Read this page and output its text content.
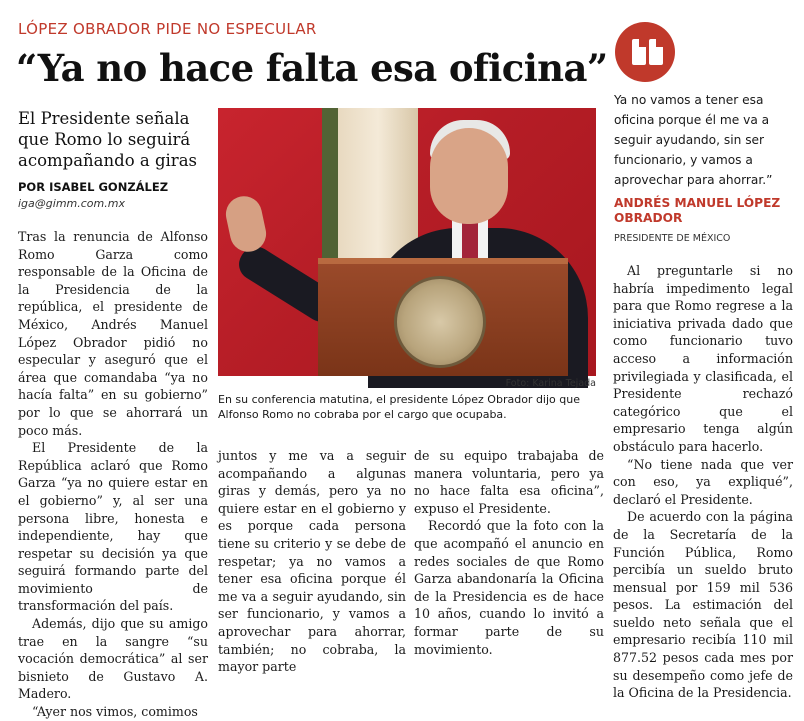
LÓPEZ OBRADOR PIDE NO ESPECULAR
“Ya no hace falta esa oficina”
El Presidente señala que Romo lo seguirá acompañando a giras
POR ISABEL GONZÁLEZ
iga@gimm.com.mx

Tras la renuncia de Alfonso Romo Garza como responsable de la Oficina de la Presidencia de la república, el presidente de México, Andrés Manuel López Obrador pidió no especular y aseguró que el área que comandaba “ya no hacía falta” en su gobierno” por lo que se ahorrará un poco más.

El Presidente de la República aclaró que Romo Garza “ya no quiere estar en el gobierno” y, al ser una persona libre, honesta e independiente, hay que respetar su decisión ya que seguirá formando parte del movimiento de transformación del país.

Además, dijo que su amigo trae en la sangre “su vocación democrática” al ser bisnieto de Gustavo A. Madero.

“Ayer nos vimos, comimos

Foto: Karina Tejada
En su conferencia matutina, el presidente López Obrador dijo que Alfonso Romo no cobraba por el cargo que ocupaba.

juntos y me va a seguir acompañando a algunas giras y demás, pero ya no quiere estar en el gobierno y es porque cada persona tiene su criterio y se debe de respetar; ya no vamos a tener esa oficina porque él me va a seguir ayudando, sin ser funcionario, y vamos a aprovechar para ahorrar, también; no cobraba, la mayor parte

de su equipo trabajaba de manera voluntaria, pero ya no hace falta esa oficina”, expuso el Presidente.

Recordó que la foto con la que acompañó el anuncio en redes sociales de que Romo Garza abandonaría la Oficina de la Presidencia es de hace 10 años, cuando lo invitó a formar parte de su movimiento.

Ya no vamos a tener esa oficina porque él me va a seguir ayudando, sin ser funcionario, y vamos a aprovechar para ahorrar.”
ANDRÉS MANUEL LÓPEZ OBRADOR
PRESIDENTE DE MÉXICO

Al preguntarle si no habría impedimento legal para que Romo regrese a la iniciativa privada dado que como funcionario tuvo acceso a información privilegiada y clasificada, el Presidente rechazó categórico que el empresario tenga algún obstáculo para hacerlo.

“No tiene nada que ver con eso, ya expliqué”, declaró el Presidente.

De acuerdo con la página de la Secretaría de la Función Pública, Romo percibía un sueldo bruto mensual por 159 mil 536 pesos. La estimación del sueldo neto señala que el empresario recibía 110 mil 877.52 pesos cada mes por su desempeño como jefe de la Oficina de la Presidencia.
